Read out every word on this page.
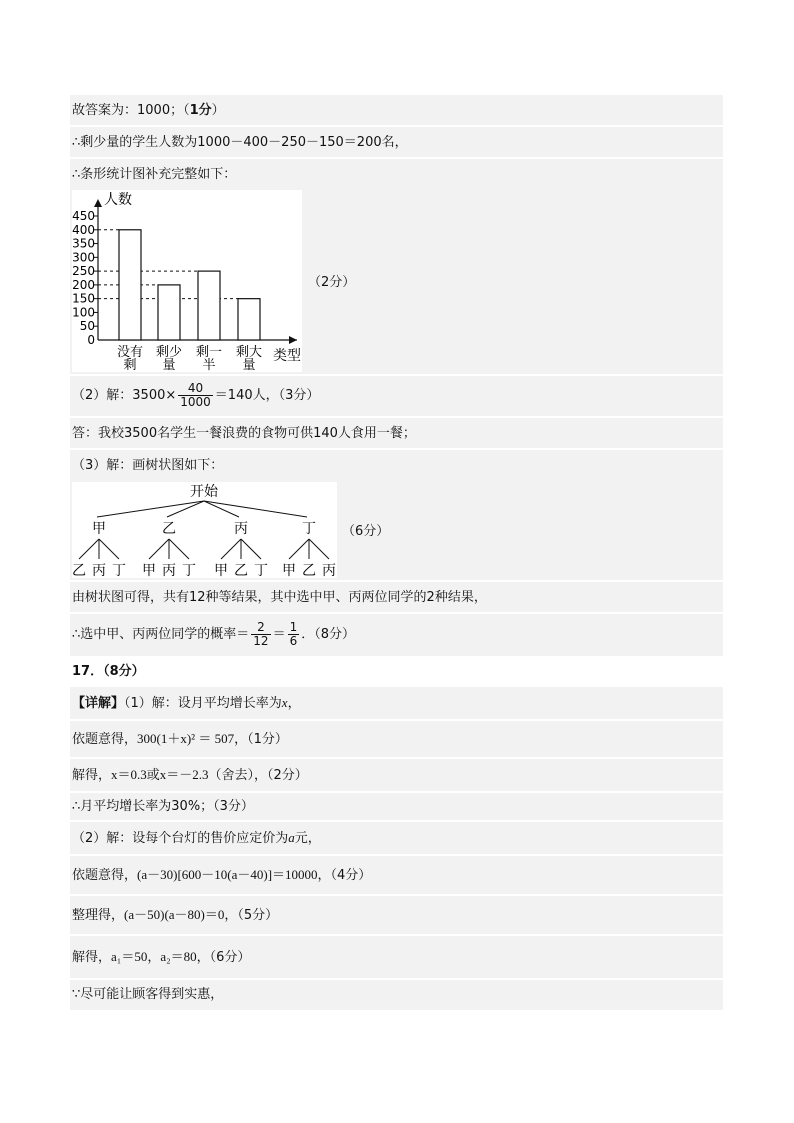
故答案为：1000；（1分）
∴剩少量的学生人数为1000－400－250－150＝200名，
∴条形统计图补充完整如下：
人数
类型
0
50
100
150
200
250
300
350
400
450
没有
剩
剩少
量
剩一
半
剩大
量
（2分）
（2）解：$3500\times \frac{40}{1000} =140$人，（3分）
答：我校3500名学生一餐浪费的食物可供140人食用一餐；
（3）解：画树状图如下：
开始
甲
乙 丙 丁
乙
甲 丙 丁
丙
甲 乙 丁
丁
甲 乙 丙
（6分）
由树状图可得，共有12种等结果，其中选中甲、丙两位同学的2种结果，
∴选中甲、丙两位同学的概率＝ $\frac{2}{12} = \frac{1}{6}$ ．（8分）
17．（8分）
【详解】（1）解：设月平均增长率为x，
依题意得，300(1＋x)² ＝ 507，（1分）
解得，x＝0.3或x＝－2.3（舍去），（2分）
∴月平均增长率为30%；（3分）
（2）解：设每个台灯的售价应定价为a元，
依题意得，(a－30)[600－10(a－40)]＝10000，（4分）
整理得，(a－50)(a－80)＝0，（5分）
解得，a₁＝50，a₂＝80，（6分）
∵尽可能让顾客得到实惠，
